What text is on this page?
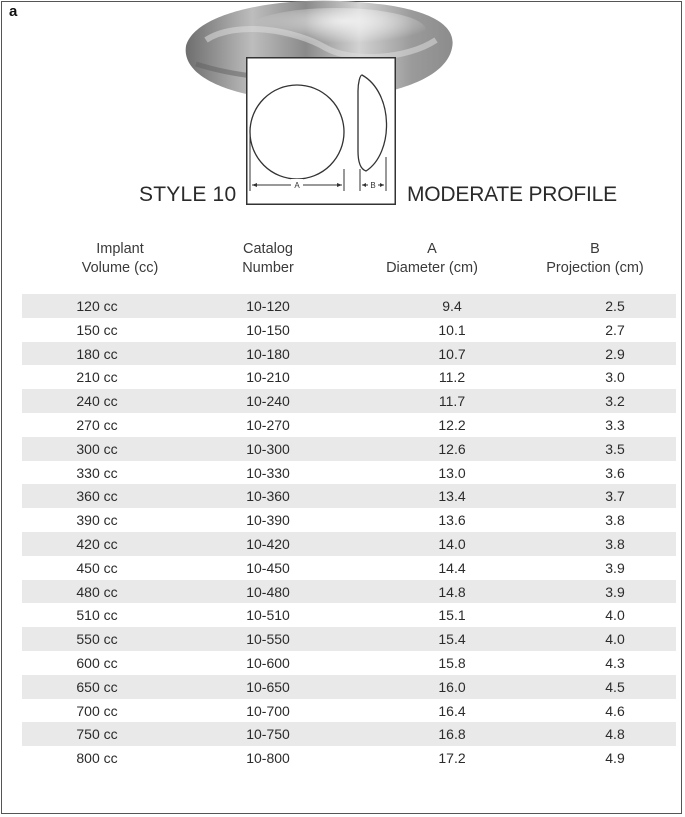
a
A	B
STYLE 10	MODERATE PROFILE
Implant
Volume (cc)
Catalog
Number
A
Diameter (cm)
B
Projection (cm)
120 cc	10-120	9.4	2.5
150 cc	10-150	10.1	2.7
180 cc	10-180	10.7	2.9
210 cc	10-210	11.2	3.0
240 cc	10-240	11.7	3.2
270 cc	10-270	12.2	3.3
300 cc	10-300	12.6	3.5
330 cc	10-330	13.0	3.6
360 cc	10-360	13.4	3.7
390 cc	10-390	13.6	3.8
420 cc	10-420	14.0	3.8
450 cc	10-450	14.4	3.9
480 cc	10-480	14.8	3.9
510 cc	10-510	15.1	4.0
550 cc	10-550	15.4	4.0
600 cc	10-600	15.8	4.3
650 cc	10-650	16.0	4.5
700 cc	10-700	16.4	4.6
750 cc	10-750	16.8	4.8
800 cc	10-800	17.2	4.9
